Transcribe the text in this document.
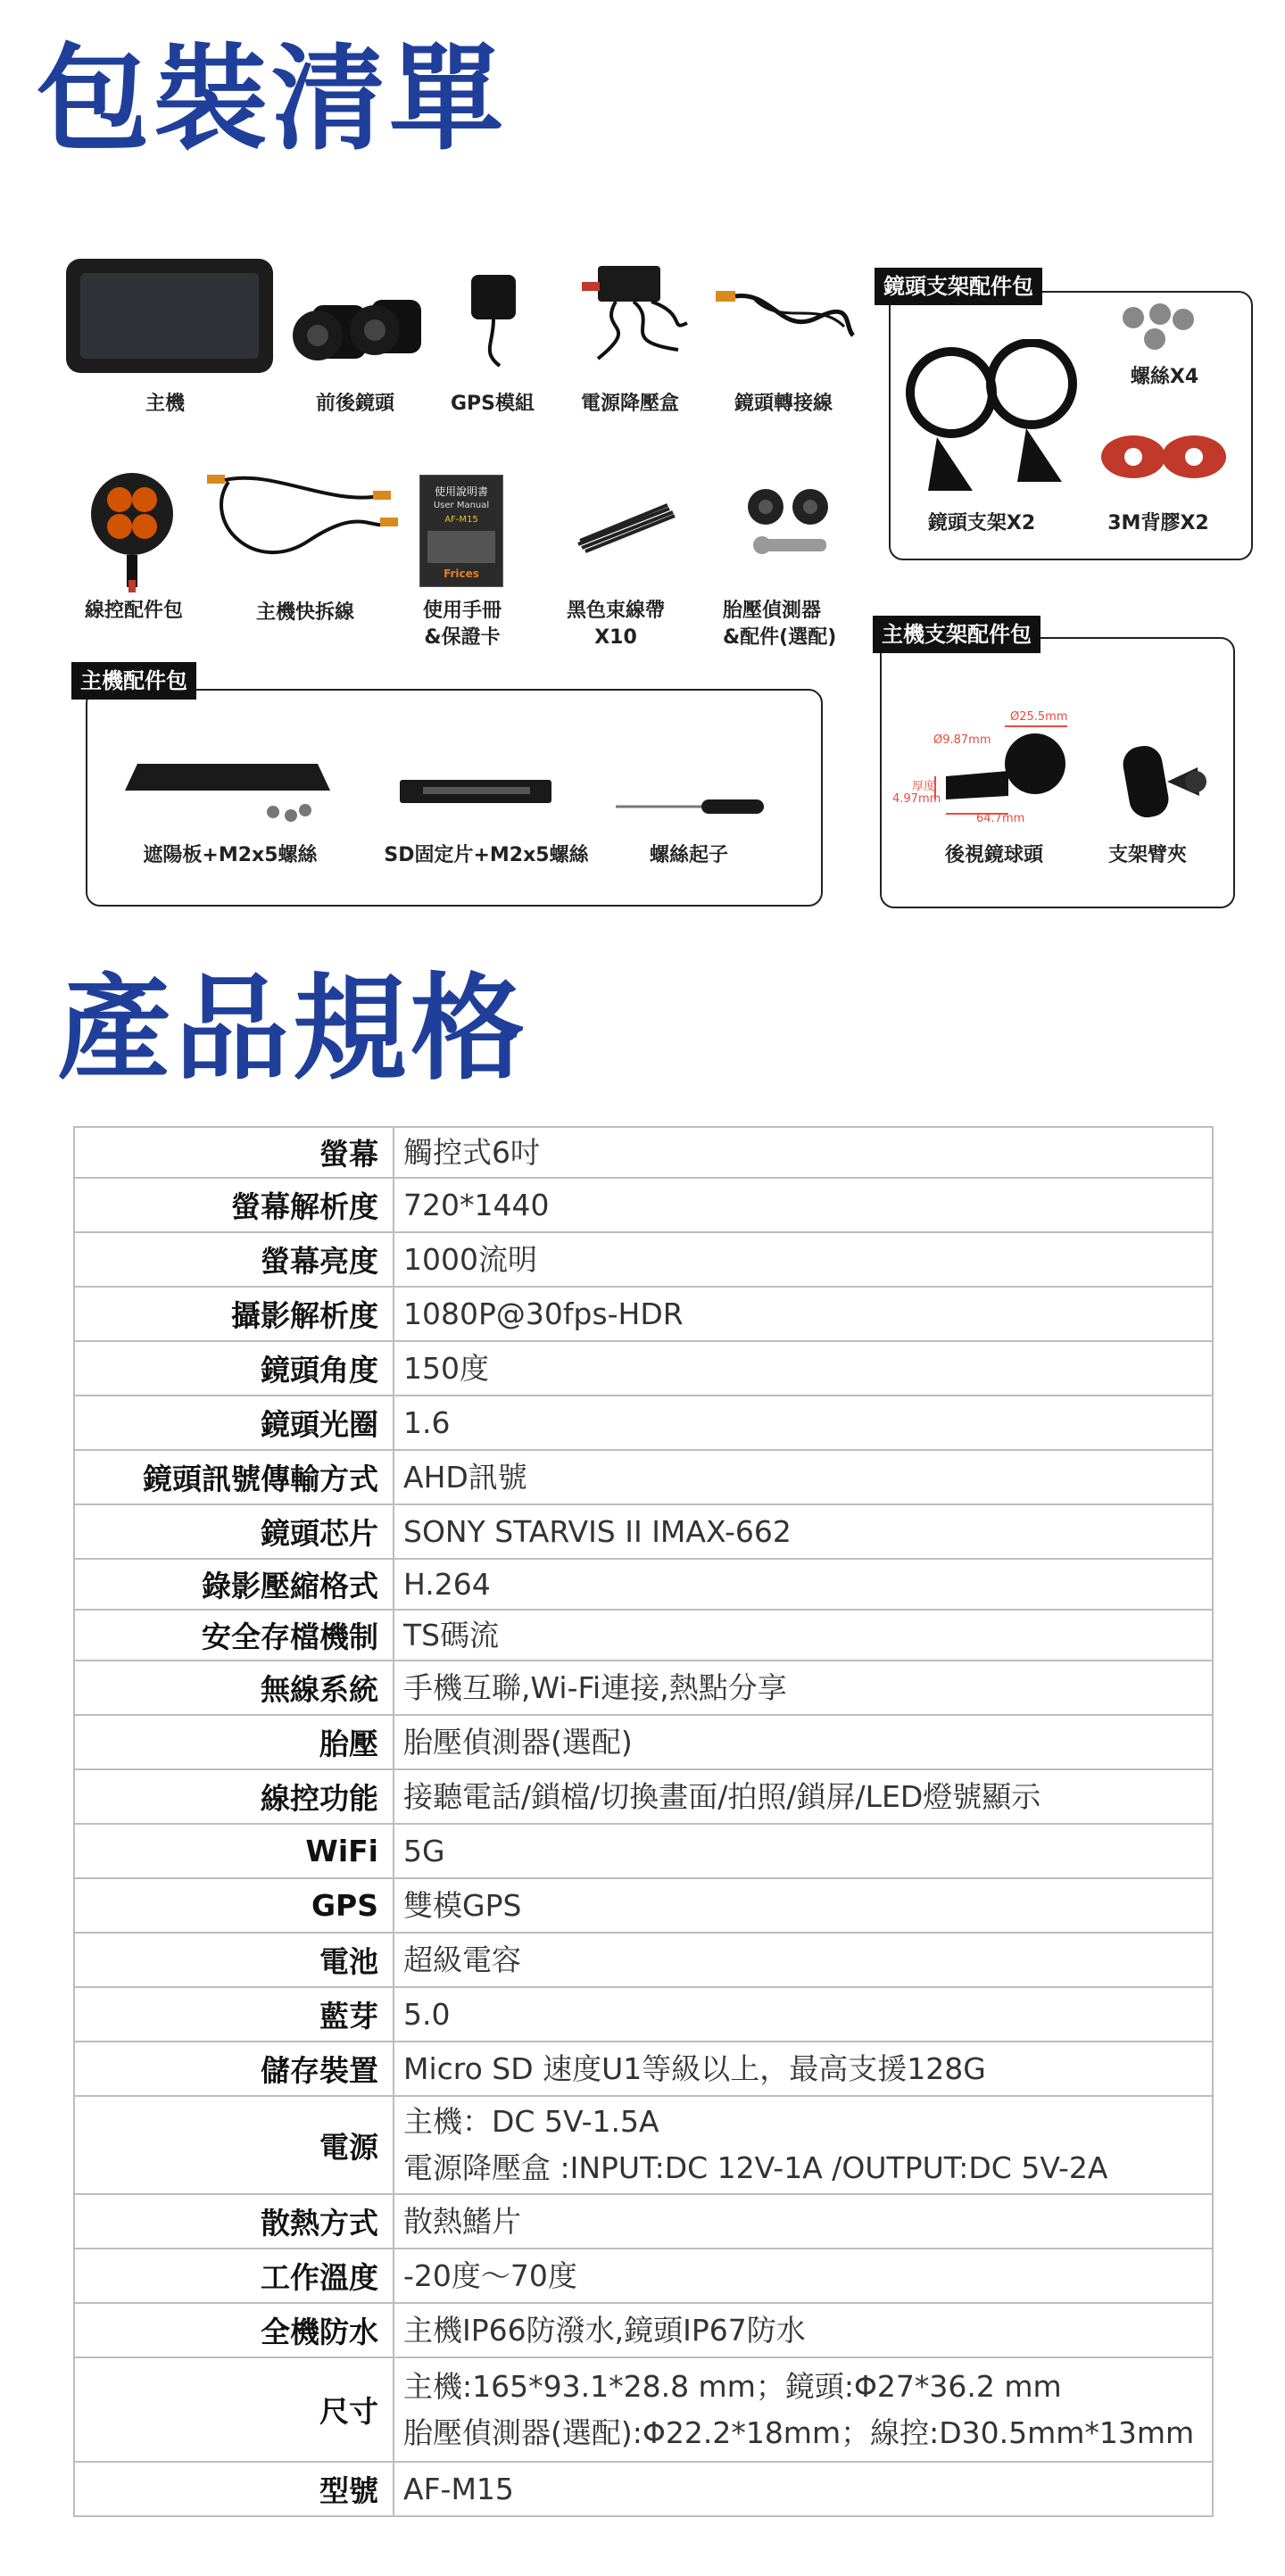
包裝清單
主機	前後鏡頭	GPS模組	電源降壓盒	鏡頭轉接線
使用說明書
User Manual
AF-M15
Frices
線控配件包	主機快拆線	使用手冊
&保證卡
黑色束線帶
X10
胎壓偵測器
&配件(選配)
鏡頭支架配件包
螺絲X4
鏡頭支架X2	3M背膠X2
主機配件包
遮陽板+M2x5螺絲	SD固定片+M2x5螺絲	螺絲起子
主機支架配件包
Ø25.5mm
Ø9.87mm
厚度
4.97mm
64.7mm
後視鏡球頭	支架臂夾
產品規格
螢幕	觸控式6吋

螢幕解析度	720*1440

螢幕亮度	1000流明

攝影解析度	1080P@30fps-HDR

鏡頭角度	150度

鏡頭光圈	1.6

鏡頭訊號傳輸方式	AHD訊號

鏡頭芯片	SONY STARVIS II IMAX-662

錄影壓縮格式	H.264

安全存檔機制	TS碼流

無線系統	手機互聯,Wi-Fi連接,熱點分享

胎壓	胎壓偵測器(選配)

線控功能	接聽電話/鎖檔/切換畫面/拍照/鎖屏/LED燈號顯示

WiFi	5G

GPS	雙模GPS

電池	超級電容

藍芽	5.0

儲存裝置	Micro SD 速度U1等級以上，最高支援128G

電源	主機：DC 5V-1.5A
電源降壓盒 :INPUT:DC 12V-1A /OUTPUT:DC 5V-2A

散熱方式	散熱鰭片

工作溫度	-20度～70度

全機防水	主機IP66防潑水,鏡頭IP67防水

尺寸	主機:165*93.1*28.8 mm；鏡頭:Φ27*36.2 mm
胎壓偵測器(選配):Φ22.2*18mm；線控:D30.5mm*13mm

型號	AF-M15
